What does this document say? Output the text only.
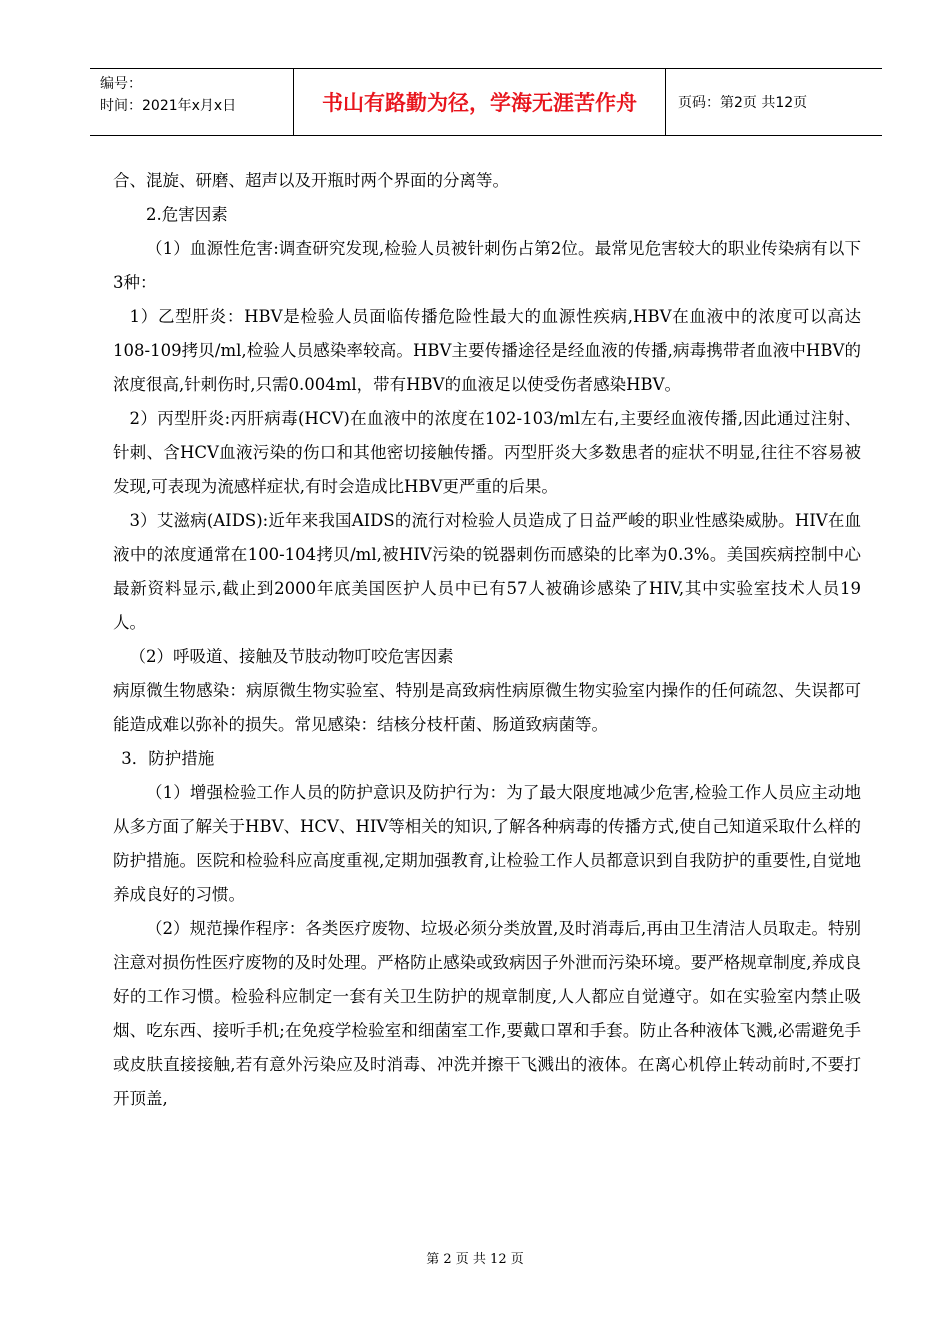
编号：
时间：2021年x月x日	书山有路勤为径，学海无涯苦作舟	页码：第2页 共12页

合、混旋、研磨、超声以及开瓶时两个界面的分离等。

2.危害因素

（1）血源性危害:调查研究发现,检验人员被针刺伤占第2位。最常见危害较大的职业传染病有以下3种：

1）乙型肝炎：HBV是检验人员面临传播危险性最大的血源性疾病,HBV在血液中的浓度可以高达108-109拷贝/ml,检验人员感染率较高。HBV主要传播途径是经血液的传播,病毒携带者血液中HBV的浓度很高,针刺伤时,只需0.004ml，带有HBV的血液足以使受伤者感染HBV。

2）丙型肝炎:丙肝病毒(HCV)在血液中的浓度在102-103/ml左右,主要经血液传播,因此通过注射、针刺、含HCV血液污染的伤口和其他密切接触传播。丙型肝炎大多数患者的症状不明显,往往不容易被发现,可表现为流感样症状,有时会造成比HBV更严重的后果。

3）艾滋病(AIDS):近年来我国AIDS的流行对检验人员造成了日益严峻的职业性感染威胁。HIV在血液中的浓度通常在100-104拷贝/ml,被HIV污染的锐器刺伤而感染的比率为0.3%。美国疾病控制中心最新资料显示,截止到2000年底美国医护人员中已有57人被确诊感染了HIV,其中实验室技术人员19人。

（2）呼吸道、接触及节肢动物叮咬危害因素

病原微生物感染：病原微生物实验室、特别是高致病性病原微生物实验室内操作的任何疏忽、失误都可能造成难以弥补的损失。常见感染：结核分枝杆菌、肠道致病菌等。

3．防护措施

（1）增强检验工作人员的防护意识及防护行为：为了最大限度地减少危害,检验工作人员应主动地从多方面了解关于HBV、HCV、HIV等相关的知识,了解各种病毒的传播方式,使自己知道采取什么样的防护措施。医院和检验科应高度重视,定期加强教育,让检验工作人员都意识到自我防护的重要性,自觉地养成良好的习惯。

（2）规范操作程序：各类医疗废物、垃圾必须分类放置,及时消毒后,再由卫生清洁人员取走。特别注意对损伤性医疗废物的及时处理。严格防止感染或致病因子外泄而污染环境。要严格规章制度,养成良好的工作习惯。检验科应制定一套有关卫生防护的规章制度,人人都应自觉遵守。如在实验室内禁止吸烟、吃东西、接听手机;在免疫学检验室和细菌室工作,要戴口罩和手套。防止各种液体飞溅,必需避免手或皮肤直接接触,若有意外污染应及时消毒、冲洗并擦干飞溅出的液体。在离心机停止转动前时,不要打开顶盖,

第 2 页 共 12 页
